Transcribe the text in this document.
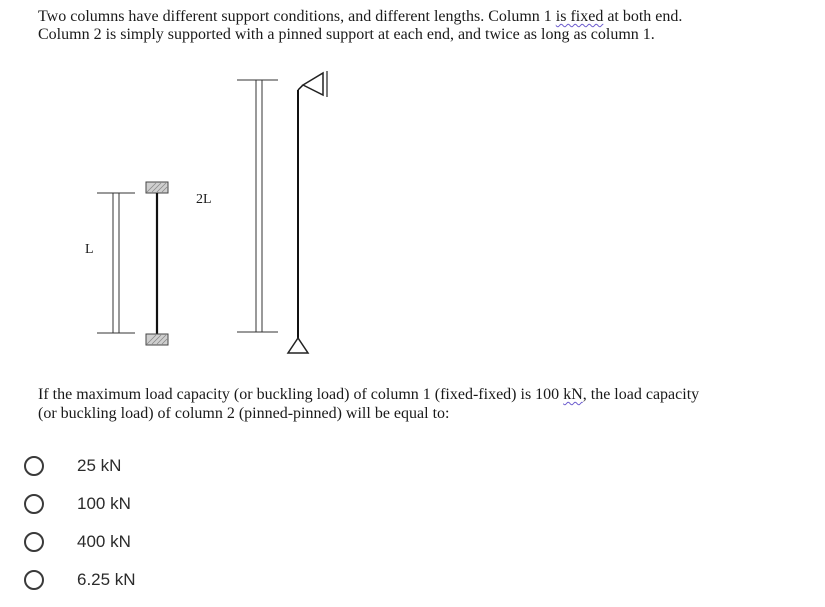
Two columns have different support conditions, and different lengths. Column 1 is fixed at both end.
Column 2 is simply supported with a pinned support at each end, and twice as long as column 1.
L
2L
If the maximum load capacity (or buckling load) of column 1 (fixed-fixed) is 100 kN, the load capacity
(or buckling load) of column 2 (pinned-pinned) will be equal to:
25 kN
100 kN
400 kN
6.25 kN
